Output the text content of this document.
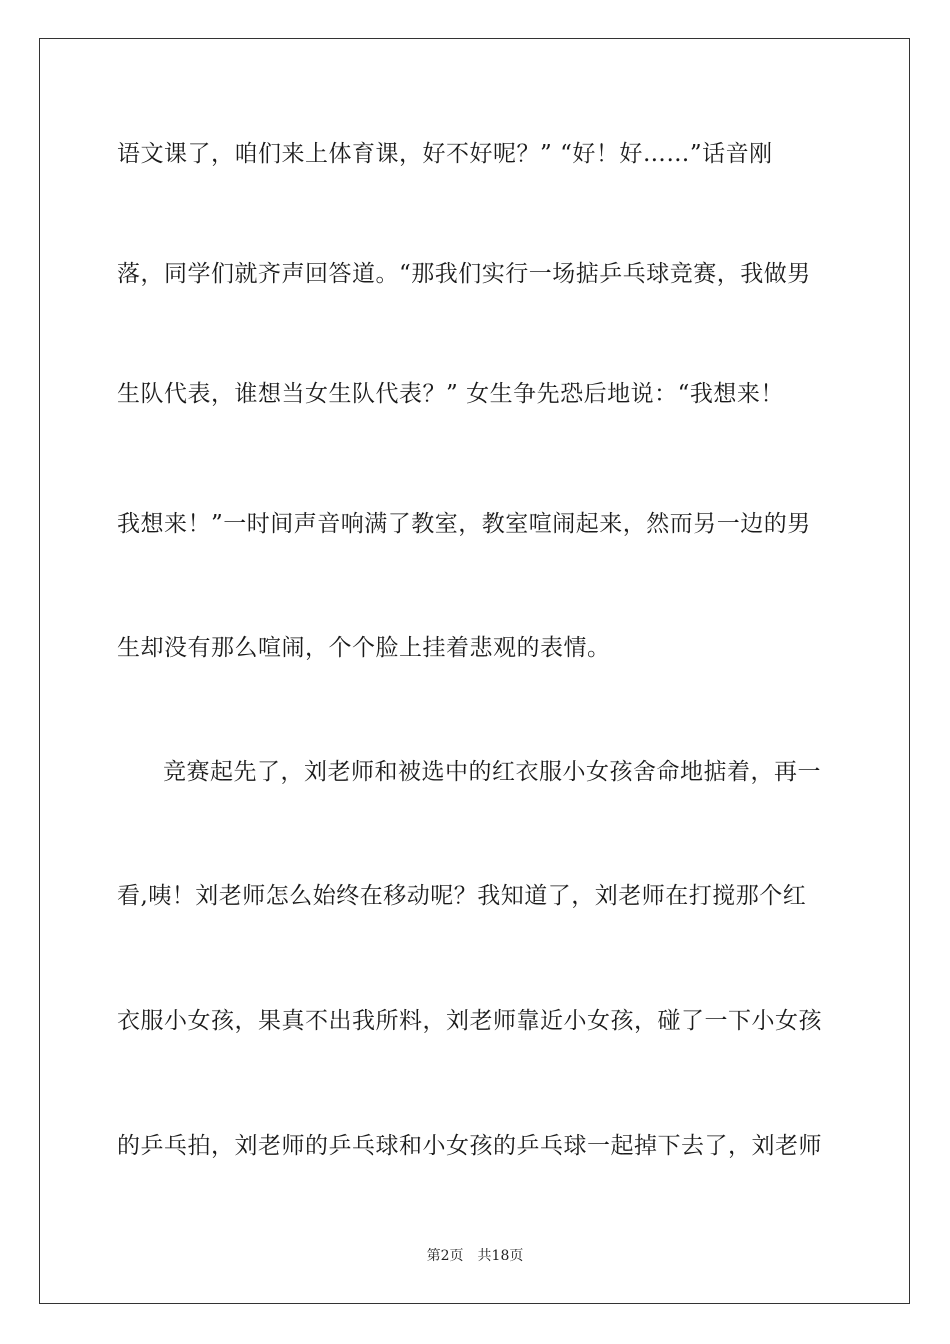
语文课了，咱们来上体育课，好不好呢？” “好！好……”话音刚
落，同学们就齐声回答道。“那我们实行一场掂乒乓球竞赛，我做男
生队代表，谁想当女生队代表？” 女生争先恐后地说：“我想来！
我想来！”一时间声音响满了教室，教室喧闹起来，然而另一边的男
生却没有那么喧闹，个个脸上挂着悲观的表情。
竞赛起先了，刘老师和被选中的红衣服小女孩舍命地掂着，再一
看,咦！刘老师怎么始终在移动呢？我知道了，刘老师在打搅那个红
衣服小女孩，果真不出我所料，刘老师靠近小女孩，碰了一下小女孩
的乒乓拍，刘老师的乒乓球和小女孩的乒乓球一起掉下去了，刘老师
第2页 共18页
